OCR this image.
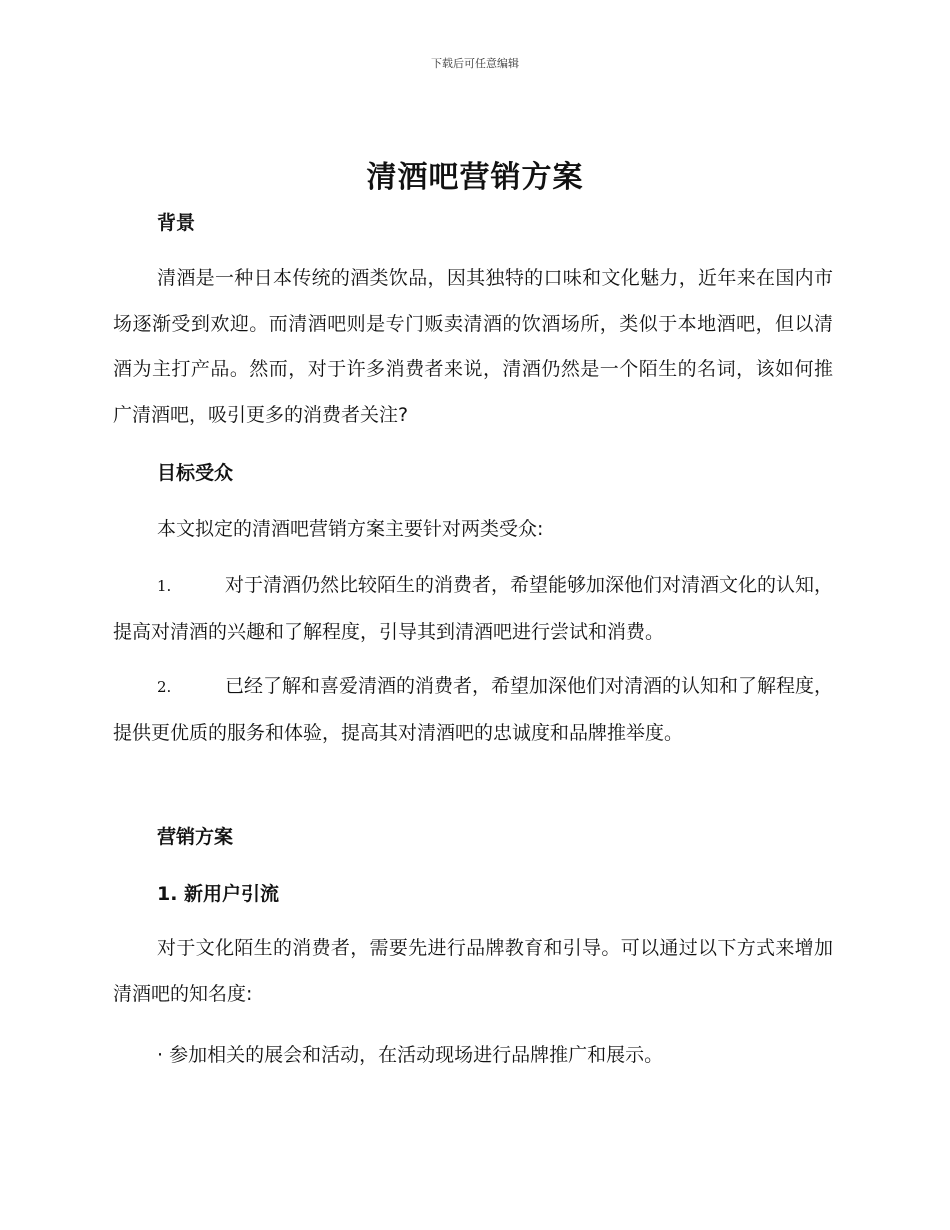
下载后可任意编辑
清酒吧营销方案
背景

清酒是一种日本传统的酒类饮品，因其独特的口味和文化魅力，近年来在国内市场逐渐受到欢迎。而清酒吧则是专门贩卖清酒的饮酒场所，类似于本地酒吧，但以清酒为主打产品。然而，对于许多消费者来说，清酒仍然是一个陌生的名词，该如何推广清酒吧，吸引更多的消费者关注?

目标受众

本文拟定的清酒吧营销方案主要针对两类受众:

1.	对于清酒仍然比较陌生的消费者，希望能够加深他们对清酒文化的认知，提高对清酒的兴趣和了解程度，引导其到清酒吧进行尝试和消费。

2.	已经了解和喜爱清酒的消费者，希望加深他们对清酒的认知和了解程度，提供更优质的服务和体验，提高其对清酒吧的忠诚度和品牌推举度。

营销方案
1. 新用户引流

对于文化陌生的消费者，需要先进行品牌教育和引导。可以通过以下方式来增加清酒吧的知名度:

· 参加相关的展会和活动，在活动现场进行品牌推广和展示。
